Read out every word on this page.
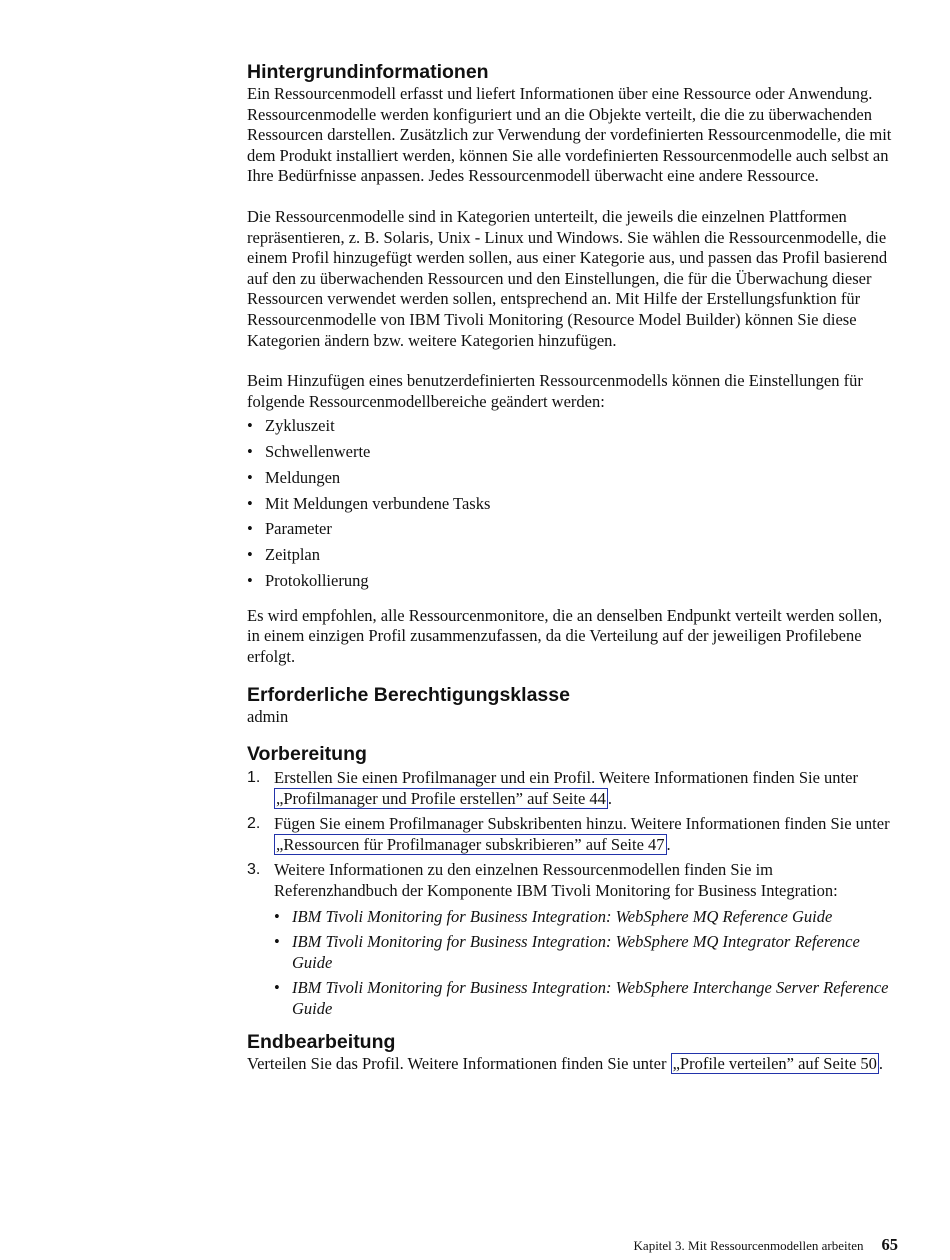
Hintergrundinformationen

Ein Ressourcenmodell erfasst und liefert Informationen über eine Ressource oder Anwendung. Ressourcenmodelle werden konfiguriert und an die Objekte verteilt, die die zu überwachenden Ressourcen darstellen. Zusätzlich zur Verwendung der vordefinierten Ressourcenmodelle, die mit dem Produkt installiert werden, können Sie alle vordefinierten Ressourcenmodelle auch selbst an Ihre Bedürfnisse anpassen. Jedes Ressourcenmodell überwacht eine andere Ressource.

Die Ressourcenmodelle sind in Kategorien unterteilt, die jeweils die einzelnen Plattformen repräsentieren, z. B. Solaris, Unix - Linux und Windows. Sie wählen die Ressourcenmodelle, die einem Profil hinzugefügt werden sollen, aus einer Kategorie aus, und passen das Profil basierend auf den zu überwachenden Ressourcen und den Einstellungen, die für die Überwachung dieser Ressourcen verwendet werden sollen, entsprechend an. Mit Hilfe der Erstellungsfunktion für Ressourcenmodelle von IBM Tivoli Monitoring (Resource Model Builder) können Sie diese Kategorien ändern bzw. weitere Kategorien hinzufügen.

Beim Hinzufügen eines benutzerdefinierten Ressourcenmodells können die Einstellungen für folgende Ressourcenmodellbereiche geändert werden:

• Zykluszeit
• Schwellenwerte
• Meldungen
• Mit Meldungen verbundene Tasks
• Parameter
• Zeitplan
• Protokollierung

Es wird empfohlen, alle Ressourcenmonitore, die an denselben Endpunkt verteilt werden sollen, in einem einzigen Profil zusammenzufassen, da die Verteilung auf der jeweiligen Profilebene erfolgt.

Erforderliche Berechtigungsklasse

admin

Vorbereitung
1. Erstellen Sie einen Profilmanager und ein Profil. Weitere Informationen finden Sie unter „Profilmanager und Profile erstellen” auf Seite 44 .
2. Fügen Sie einem Profilmanager Subskribenten hinzu. Weitere Informationen finden Sie unter „Ressourcen für Profilmanager subskribieren” auf Seite 47 .
3. Weitere Informationen zu den einzelnen Ressourcenmodellen finden Sie im Referenzhandbuch der Komponente IBM Tivoli Monitoring for Business Integration:
• IBM Tivoli Monitoring for Business Integration: WebSphere MQ Reference Guide
• IBM Tivoli Monitoring for Business Integration: WebSphere MQ Integrator Reference Guide
• IBM Tivoli Monitoring for Business Integration: WebSphere Interchange Server Reference Guide
Endbearbeitung

Verteilen Sie das Profil. Weitere Informationen finden Sie unter „Profile verteilen” auf Seite 50 .

Kapitel 3. Mit Ressourcenmodellen arbeiten 65
